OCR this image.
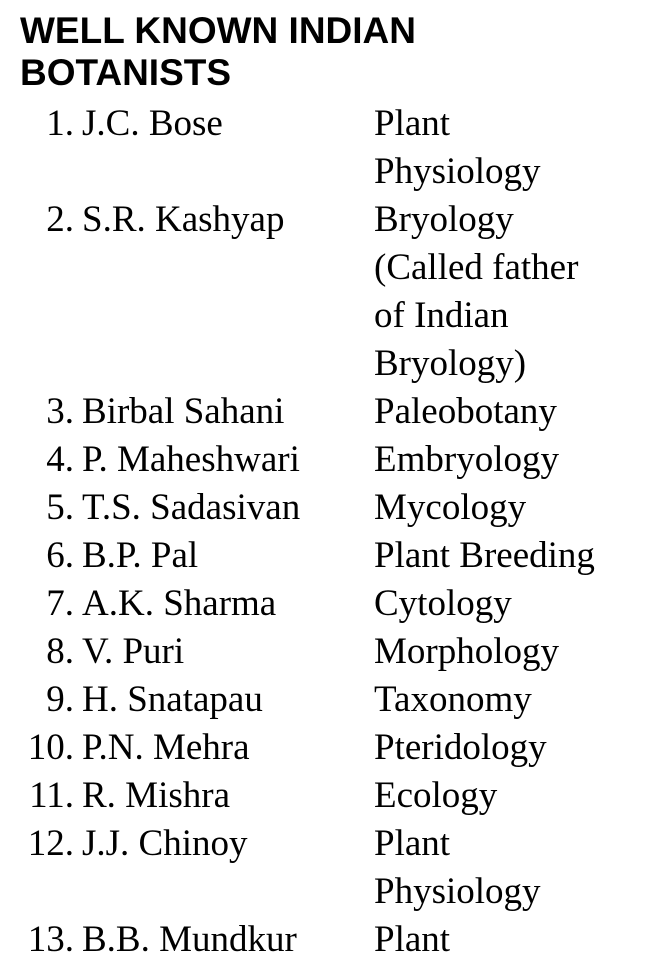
WELL KNOWN INDIAN
BOTANISTS
1. J.C. Bose	Plant
Physiology
2. S.R. Kashyap	Bryology
(Called father
of Indian
Bryology)
3. Birbal Sahani	Paleobotany
4. P. Maheshwari	Embryology
5. T.S. Sadasivan	Mycology
6. B.P. Pal	Plant Breeding
7. A.K. Sharma	Cytology
8. V. Puri	Morphology
9. H. Snatapau	Taxonomy
10. P.N. Mehra	Pteridology
11. R. Mishra	Ecology
12. J.J. Chinoy	Plant
Physiology
13. B.B. Mundkur	Plant
